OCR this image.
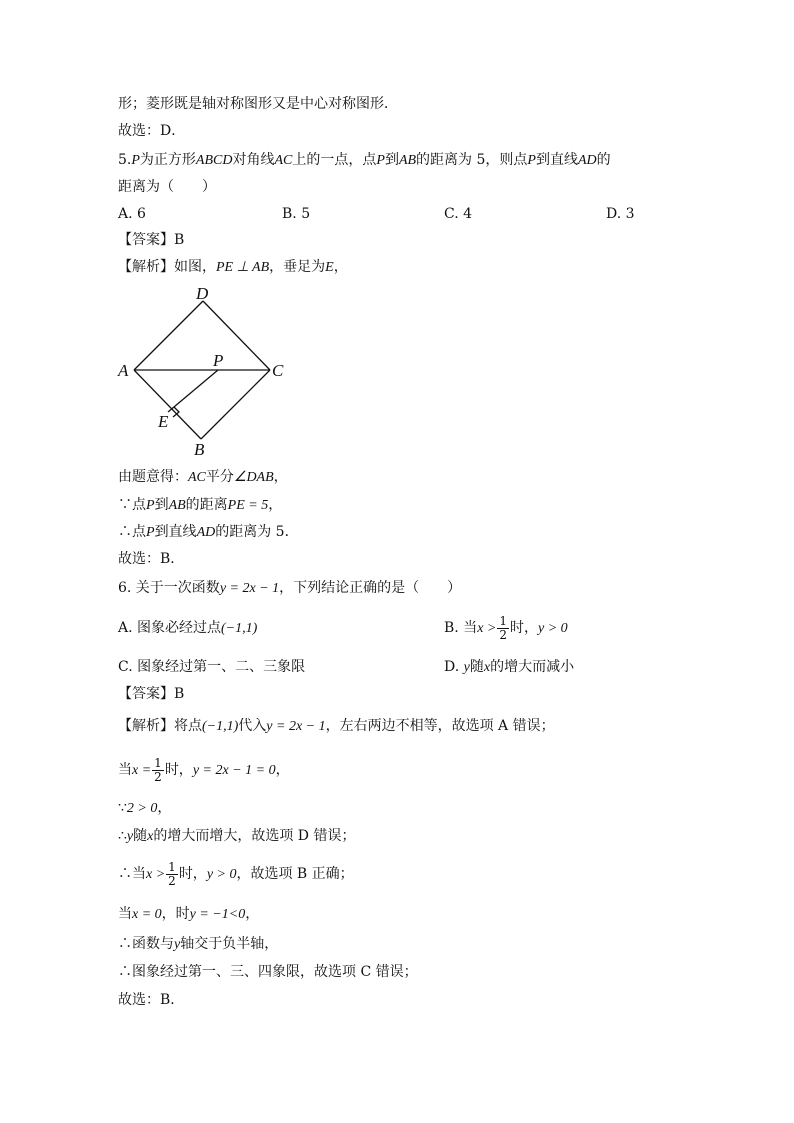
形；菱形既是轴对称图形又是中心对称图形．
故选：D．
5.P为正方形ABCD对角线AC上的一点，点P到AB的距离为 5，则点P到直线AD的
距离为（　　）
A. 6	B. 5	C. 4	D. 3
【答案】B
【解析】如图，PE ⊥ AB，垂足为E，
D
A
P
C
E
B
由题意得：AC平分∠DAB，
∵点P到AB的距离PE = 5，
∴点P到直线AD的距离为 5．
故选：B．
6. 关于一次函数y = 2x − 1，下列结论正确的是（　　）
A. 图象必经过点(−1,1)	B. 当$x > \frac{1}{2}$ 时，y > 0
C. 图象经过第一、二、三象限	D. y随x的增大而减小
【答案】B
【解析】将点(−1,1)代入y = 2x − 1，左右两边不相等，故选项 A 错误；
当$x = \frac{1}{2}$ 时，y = 2x − 1 = 0，
∵2 > 0，
∴y随x的增大而增大，故选项 D 错误；
∴当$x > \frac{1}{2}$ 时，y > 0，故选项 B 正确；
当x = 0，时y = −1<0，
∴函数与y轴交于负半轴，
∴图象经过第一、三、四象限，故选项 C 错误；
故选：B．
